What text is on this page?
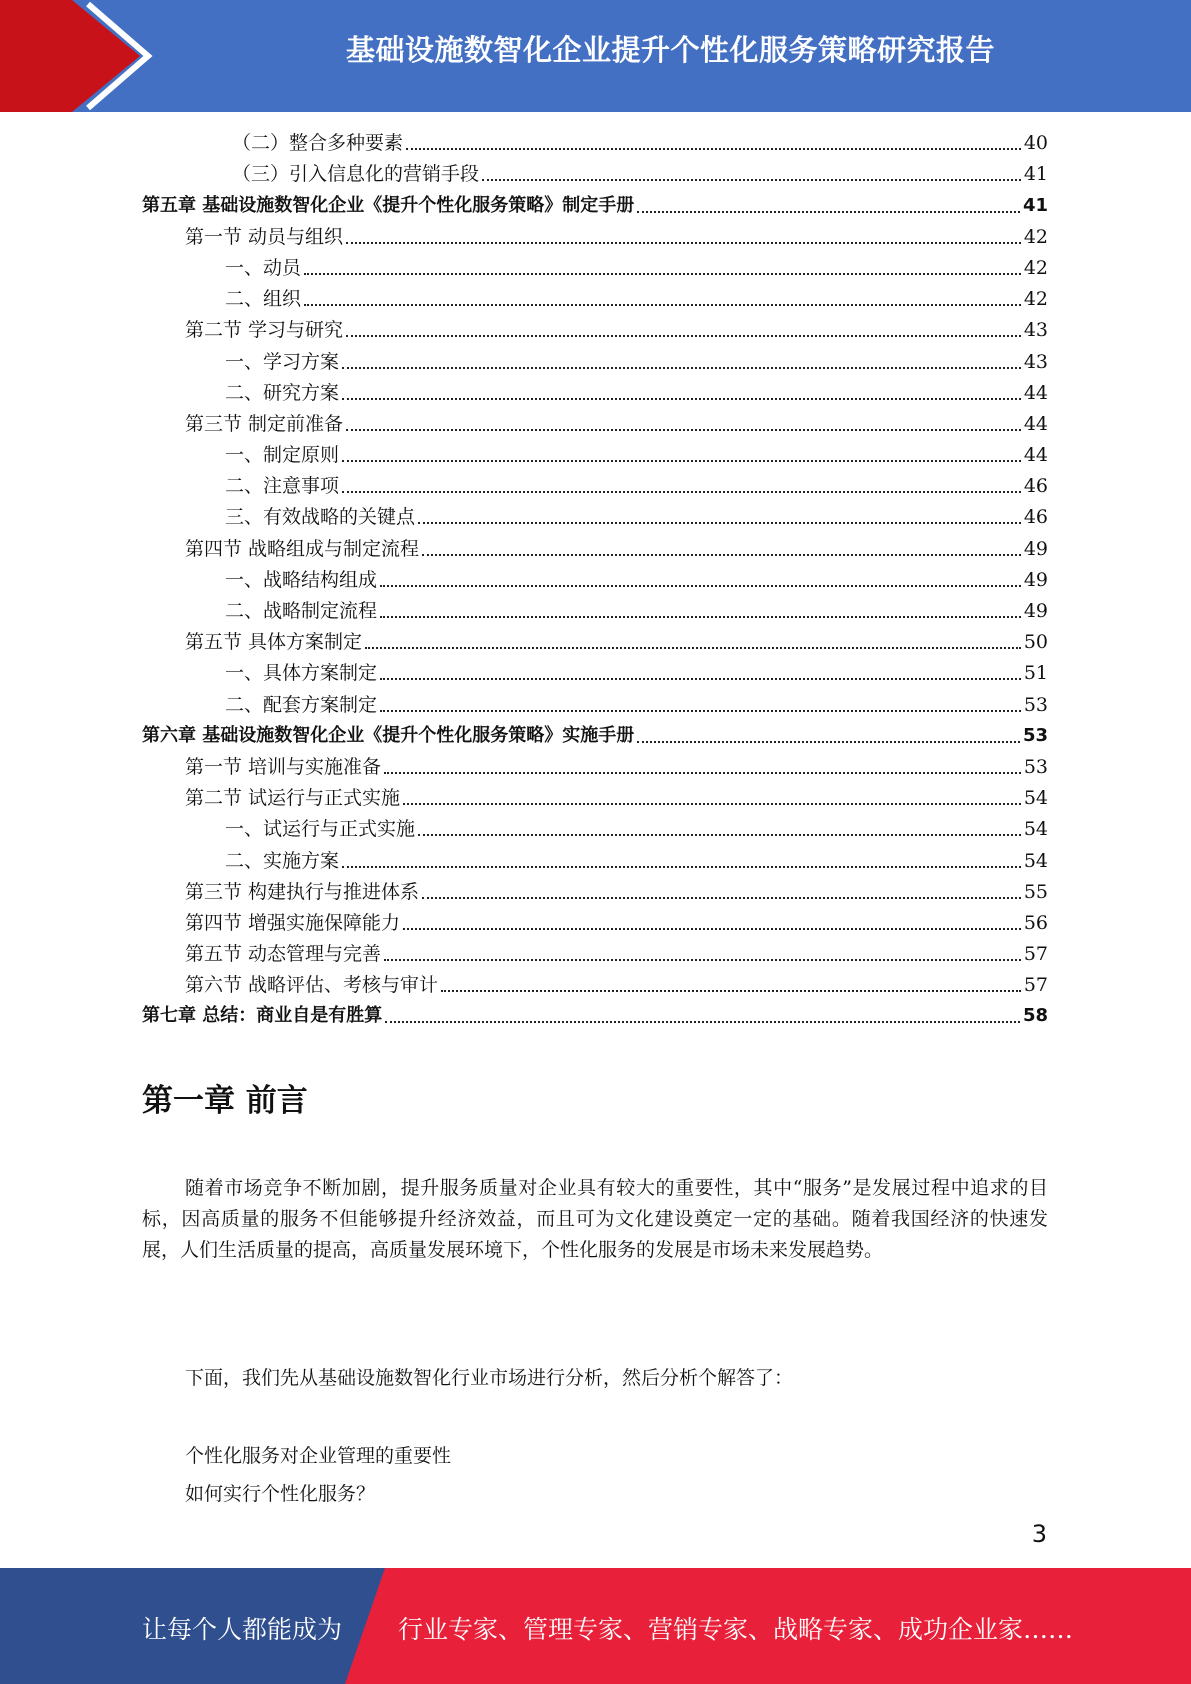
基础设施数智化企业提升个性化服务策略研究报告
（二）整合多种要素	40
（三）引入信息化的营销手段	41
第五章 基础设施数智化企业《提升个性化服务策略》制定手册	41
第一节 动员与组织	42
一、动员	42
二、组织	42
第二节 学习与研究	43
一、学习方案	43
二、研究方案	44
第三节 制定前准备	44
一、制定原则	44
二、注意事项	46
三、有效战略的关键点	46
第四节 战略组成与制定流程	49
一、战略结构组成	49
二、战略制定流程	49
第五节 具体方案制定	50
一、具体方案制定	51
二、配套方案制定	53
第六章 基础设施数智化企业《提升个性化服务策略》实施手册	53
第一节 培训与实施准备	53
第二节 试运行与正式实施	54
一、试运行与正式实施	54
二、实施方案	54
第三节 构建执行与推进体系	55
第四节 增强实施保障能力	56
第五节 动态管理与完善	57
第六节 战略评估、考核与审计	57
第七章 总结：商业自是有胜算	58
第一章 前言

随着市场竞争不断加剧，提升服务质量对企业具有较大的重要性，其中“服务”是发展过程中追求的目标，因高质量的服务不但能够提升经济效益，而且可为文化建设奠定一定的基础。随着我国经济的快速发展，人们生活质量的提高，高质量发展环境下，个性化服务的发展是市场未来发展趋势。

下面，我们先从基础设施数智化行业市场进行分析，然后分析个解答了：

个性化服务对企业管理的重要性

如何实行个性化服务？

3
让每个人都能成为 行业专家、管理专家、营销专家、战略专家、成功企业家……
